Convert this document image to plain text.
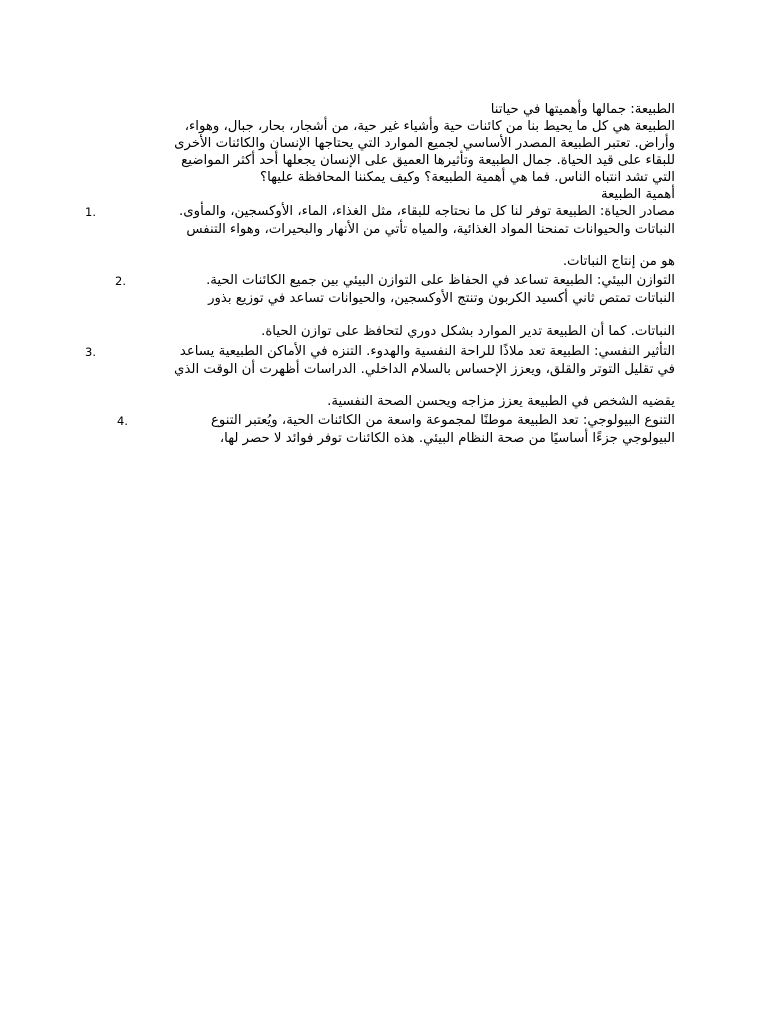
الطبيعة: جمالها وأهميتها في حياتنا
الطبيعة هي كل ما يحيط بنا من كائنات حية وأشياء غير حية، من أشجار، بحار، جبال، وهواء،
وأراض. تعتبر الطبيعة المصدر الأساسي لجميع الموارد التي يحتاجها الإنسان والكائنات الأخرى
للبقاء على قيد الحياة. جمال الطبيعة وتأثيرها العميق على الإنسان يجعلها أحد أكثر المواضيع
التي تشد انتباه الناس. فما هي أهمية الطبيعة؟ وكيف يمكننا المحافظة عليها؟
أهمية الطبيعة
1.	مصادر الحياة: الطبيعة توفر لنا كل ما نحتاجه للبقاء، مثل الغذاء، الماء، الأوكسجين، والمأوى.
النباتات والحيوانات تمنحنا المواد الغذائية، والمياه تأتي من الأنهار والبحيرات، وهواء التنفس
هو من إنتاج النباتات.
2.	التوازن البيئي: الطبيعة تساعد في الحفاظ على التوازن البيئي بين جميع الكائنات الحية.
النباتات تمتص ثاني أكسيد الكربون وتنتج الأوكسجين، والحيوانات تساعد في توزيع بذور
النباتات. كما أن الطبيعة تدير الموارد بشكل دوري لتحافظ على توازن الحياة.
3.	التأثير النفسي: الطبيعة تعد ملاذًا للراحة النفسية والهدوء. التنزه في الأماكن الطبيعية يساعد
في تقليل التوتر والقلق، ويعزز الإحساس بالسلام الداخلي. الدراسات أظهرت أن الوقت الذي
يقضيه الشخص في الطبيعة يعزز مزاجه ويحسن الصحة النفسية.
4.	التنوع البيولوجي: تعد الطبيعة موطنًا لمجموعة واسعة من الكائنات الحية، ويُعتبر التنوع
البيولوجي جزءًا أساسيًا من صحة النظام البيئي. هذه الكائنات توفر فوائد لا حصر لها،
